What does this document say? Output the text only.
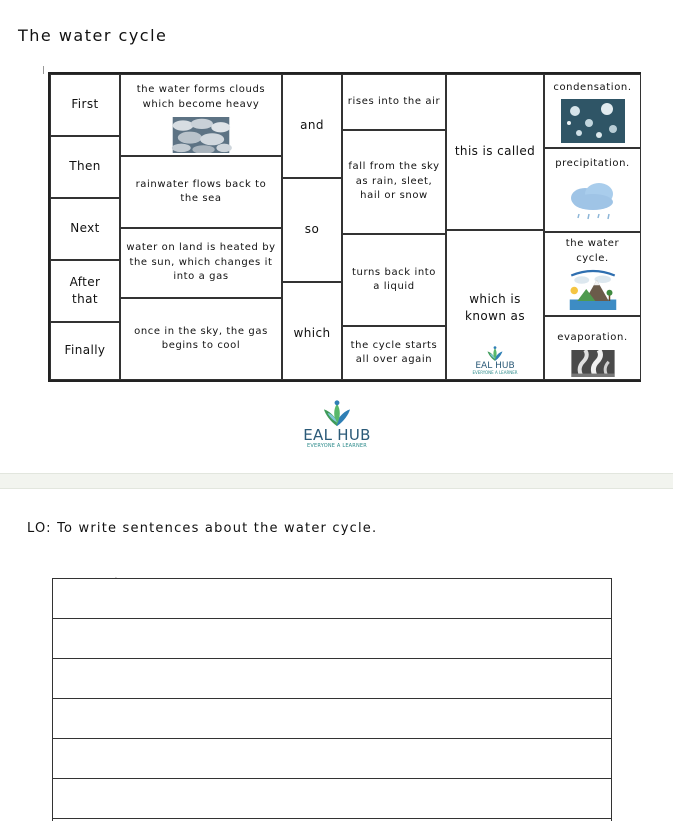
The water cycle
First
Then
Next
After that
Finally
the water forms clouds which become heavy
rainwater flows back to the sea
water on land is heated by the sun, which changes it into a gas
once in the sky, the gas begins to cool
and
so
which
rises into the air
fall from the sky as rain, sleet, hail or snow
turns back into a liquid
the cycle starts all over again
this is called
which is known as
EAL HUB
EVERYONE A LEARNER
condensation.
precipitation.
the water cycle.
evaporation.
EAL HUB
EVERYONE A LEARNER

LO: To write sentences about the water cycle.

.
